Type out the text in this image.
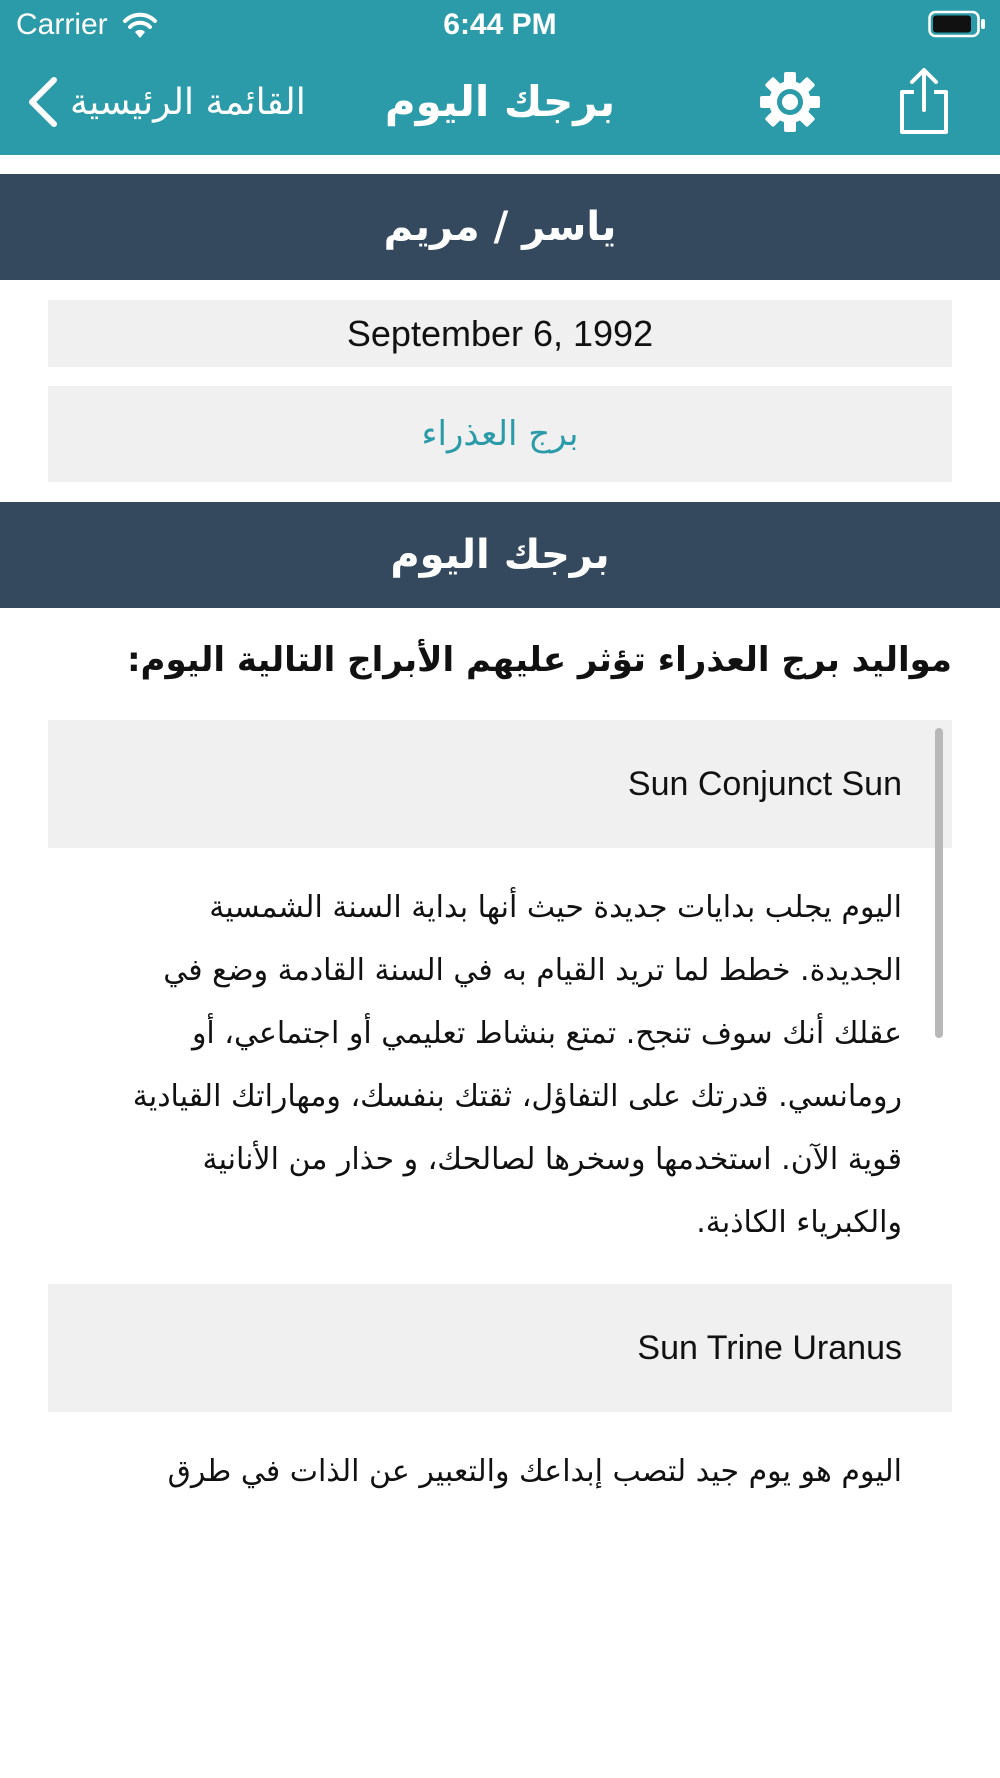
Carrier	6:44 PM
القائمة الرئيسية	برجك اليوم
ياسر / مريم
September 6, 1992
برج العذراء
برجك اليوم
مواليد برج العذراء تؤثر عليهم الأبراج التالية اليوم:
Sun Conjunct Sun
اليوم يجلب بدايات جديدة حيث أنها بداية السنة الشمسية الجديدة. خطط لما تريد القيام به في السنة القادمة وضع في عقلك أنك سوف تنجح. تمتع بنشاط تعليمي أو اجتماعي، أو رومانسي. قدرتك على التفاؤل، ثقتك بنفسك، ومهاراتك القيادية قوية الآن. استخدمها وسخرها لصالحك، و حذار من الأنانية والكبرياء الكاذبة.
Sun Trine Uranus
اليوم هو يوم جيد لتصب إبداعك والتعبير عن الذات في طرق
